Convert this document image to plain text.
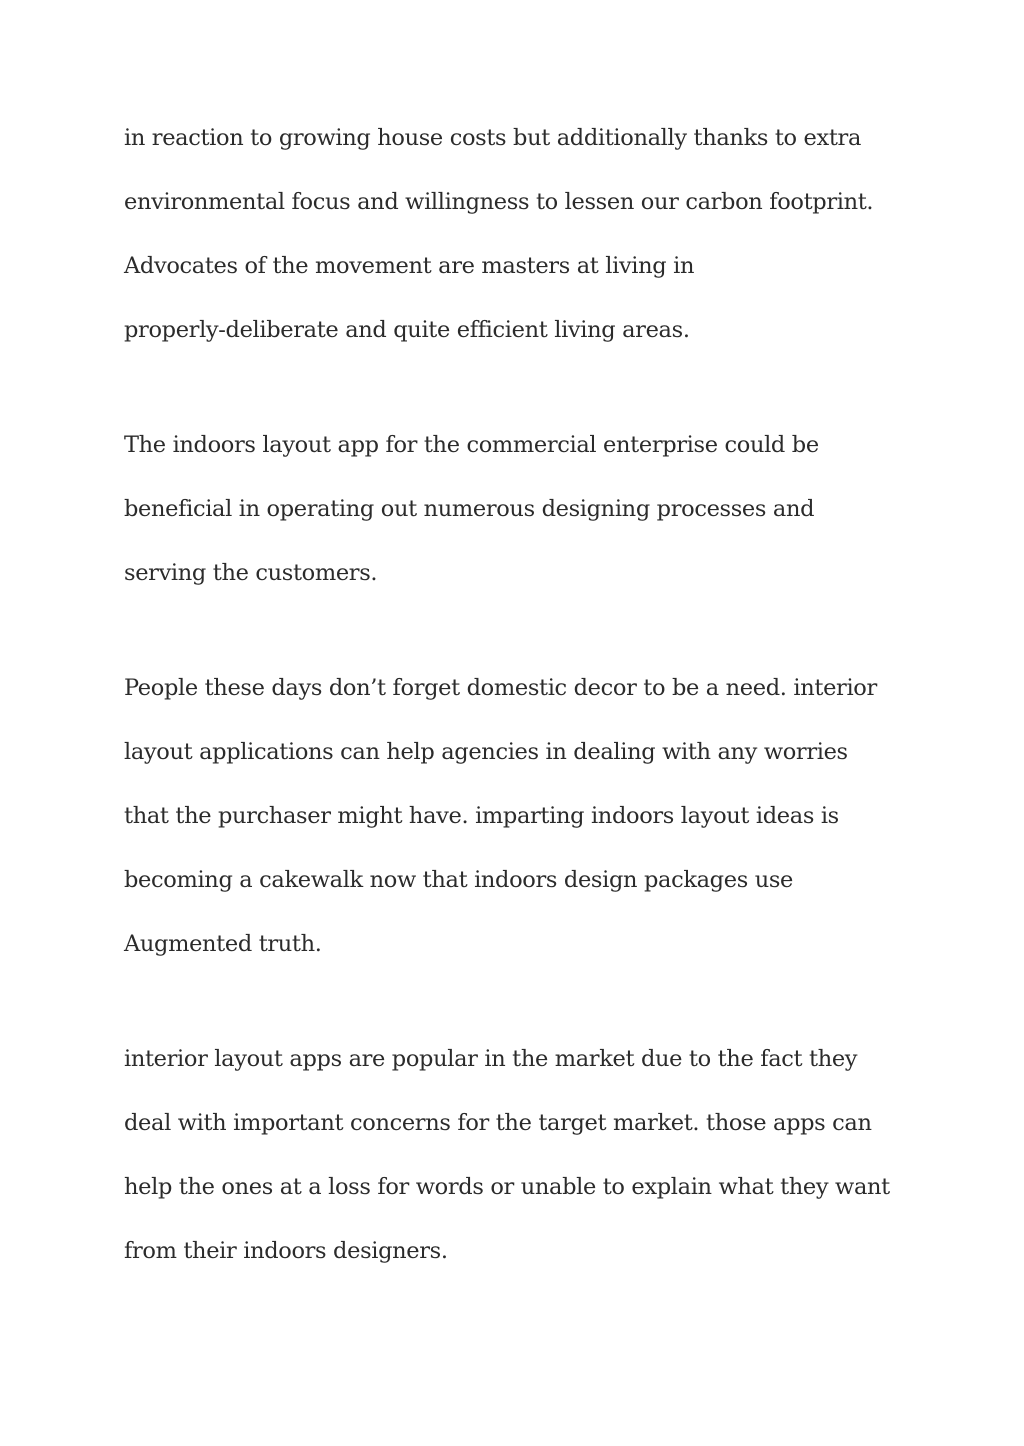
in reaction to growing house costs but additionally thanks to extra
environmental focus and willingness to lessen our carbon footprint.
Advocates of the movement are masters at living in
properly-deliberate and quite efficient living areas.

The indoors layout app for the commercial enterprise could be
beneficial in operating out numerous designing processes and
serving the customers.

People these days don’t forget domestic decor to be a need. interior
layout applications can help agencies in dealing with any worries
that the purchaser might have. imparting indoors layout ideas is
becoming a cakewalk now that indoors design packages use
Augmented truth.

interior layout apps are popular in the market due to the fact they
deal with important concerns for the target market. those apps can
help the ones at a loss for words or unable to explain what they want
from their indoors designers.
